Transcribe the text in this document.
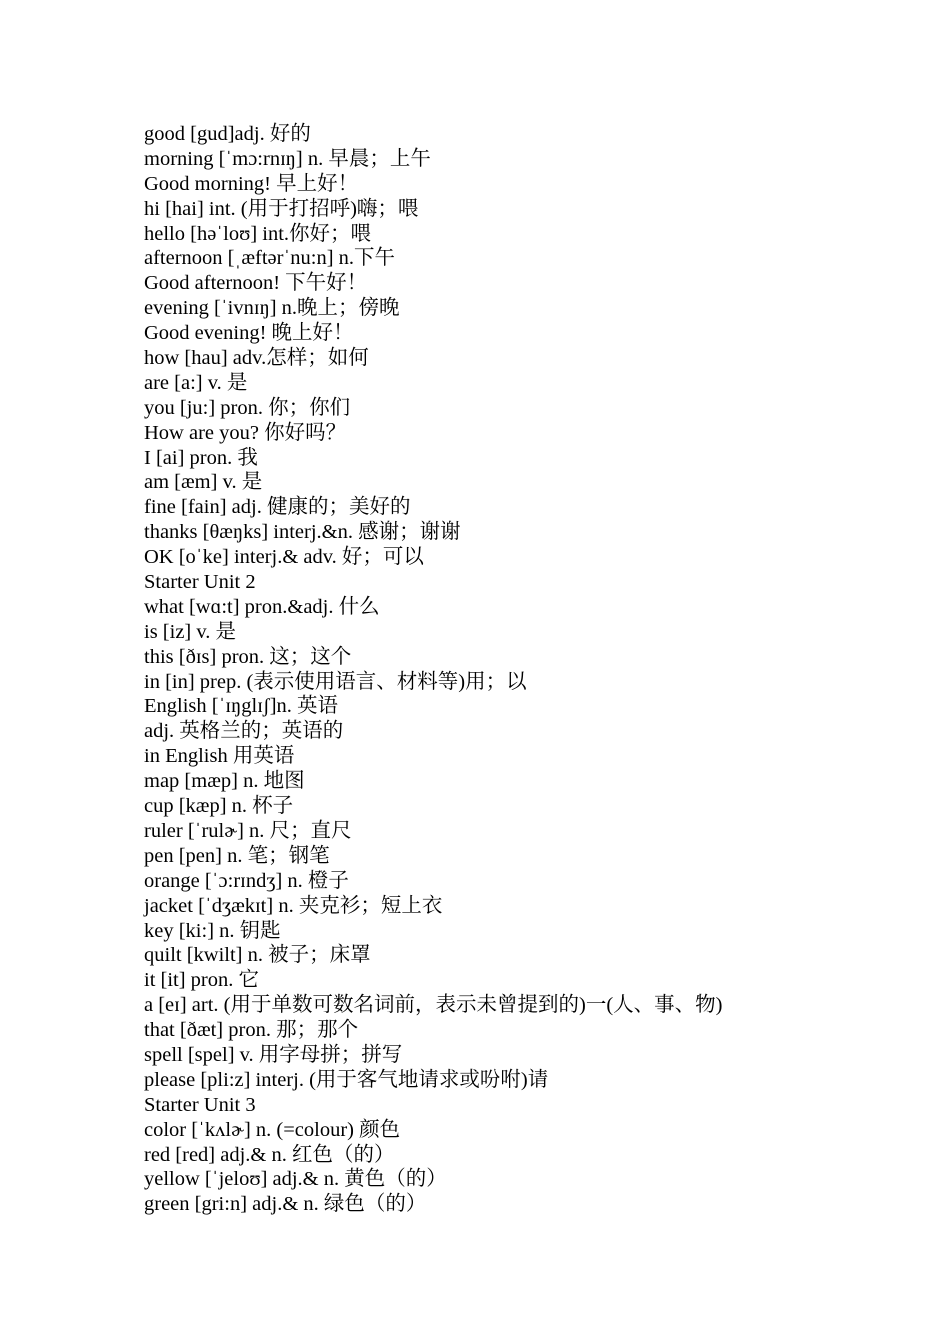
good [gud]adj. 好的
morning [ˈmɔ:rnɪŋ] n. 早晨；上午
Good morning! 早上好！
hi [hai] int. (用于打招呼)嗨；喂
hello [həˈloʊ] int.你好；喂
afternoon [ˌæftərˈnu:n] n.下午
Good afternoon! 下午好！
evening [ˈivnɪŋ] n.晚上；傍晚
Good evening! 晚上好！
how [hau] adv.怎样；如何
are [a:] v. 是
you [ju:] pron. 你；你们
How are you? 你好吗？
I [ai] pron. 我
am [æm] v. 是
fine [fain] adj. 健康的；美好的
thanks [θæŋks] interj.&n. 感谢；谢谢
OK [oˈke] interj.& adv. 好；可以
Starter Unit 2
what [wɑ:t] pron.&adj. 什么
is [iz] v. 是
this [ðɪs] pron. 这；这个
in [in] prep. (表示使用语言、材料等)用；以
English [ˈɪŋglɪʃ]n. 英语
adj. 英格兰的；英语的
in English 用英语
map [mæp] n. 地图
cup [kæp] n. 杯子
ruler [ˈrulɚ] n. 尺；直尺
pen [pen] n. 笔；钢笔
orange [ˈɔ:rɪndʒ] n. 橙子
jacket [ˈdʒækɪt] n. 夹克衫；短上衣
key [ki:] n. 钥匙
quilt [kwilt] n. 被子；床罩
it [it] pron. 它
a [eɪ] art. (用于单数可数名词前，表示未曾提到的)一(人、事、物)
that [ðæt] pron. 那；那个
spell [spel] v. 用字母拼；拼写
please [pli:z] interj. (用于客气地请求或吩咐)请
Starter Unit 3
color [ˈkʌlɚ] n. (=colour) 颜色
red [red] adj.& n. 红色（的）
yellow [ˈjeloʊ] adj.& n. 黄色（的）
green [gri:n] adj.& n. 绿色（的）
